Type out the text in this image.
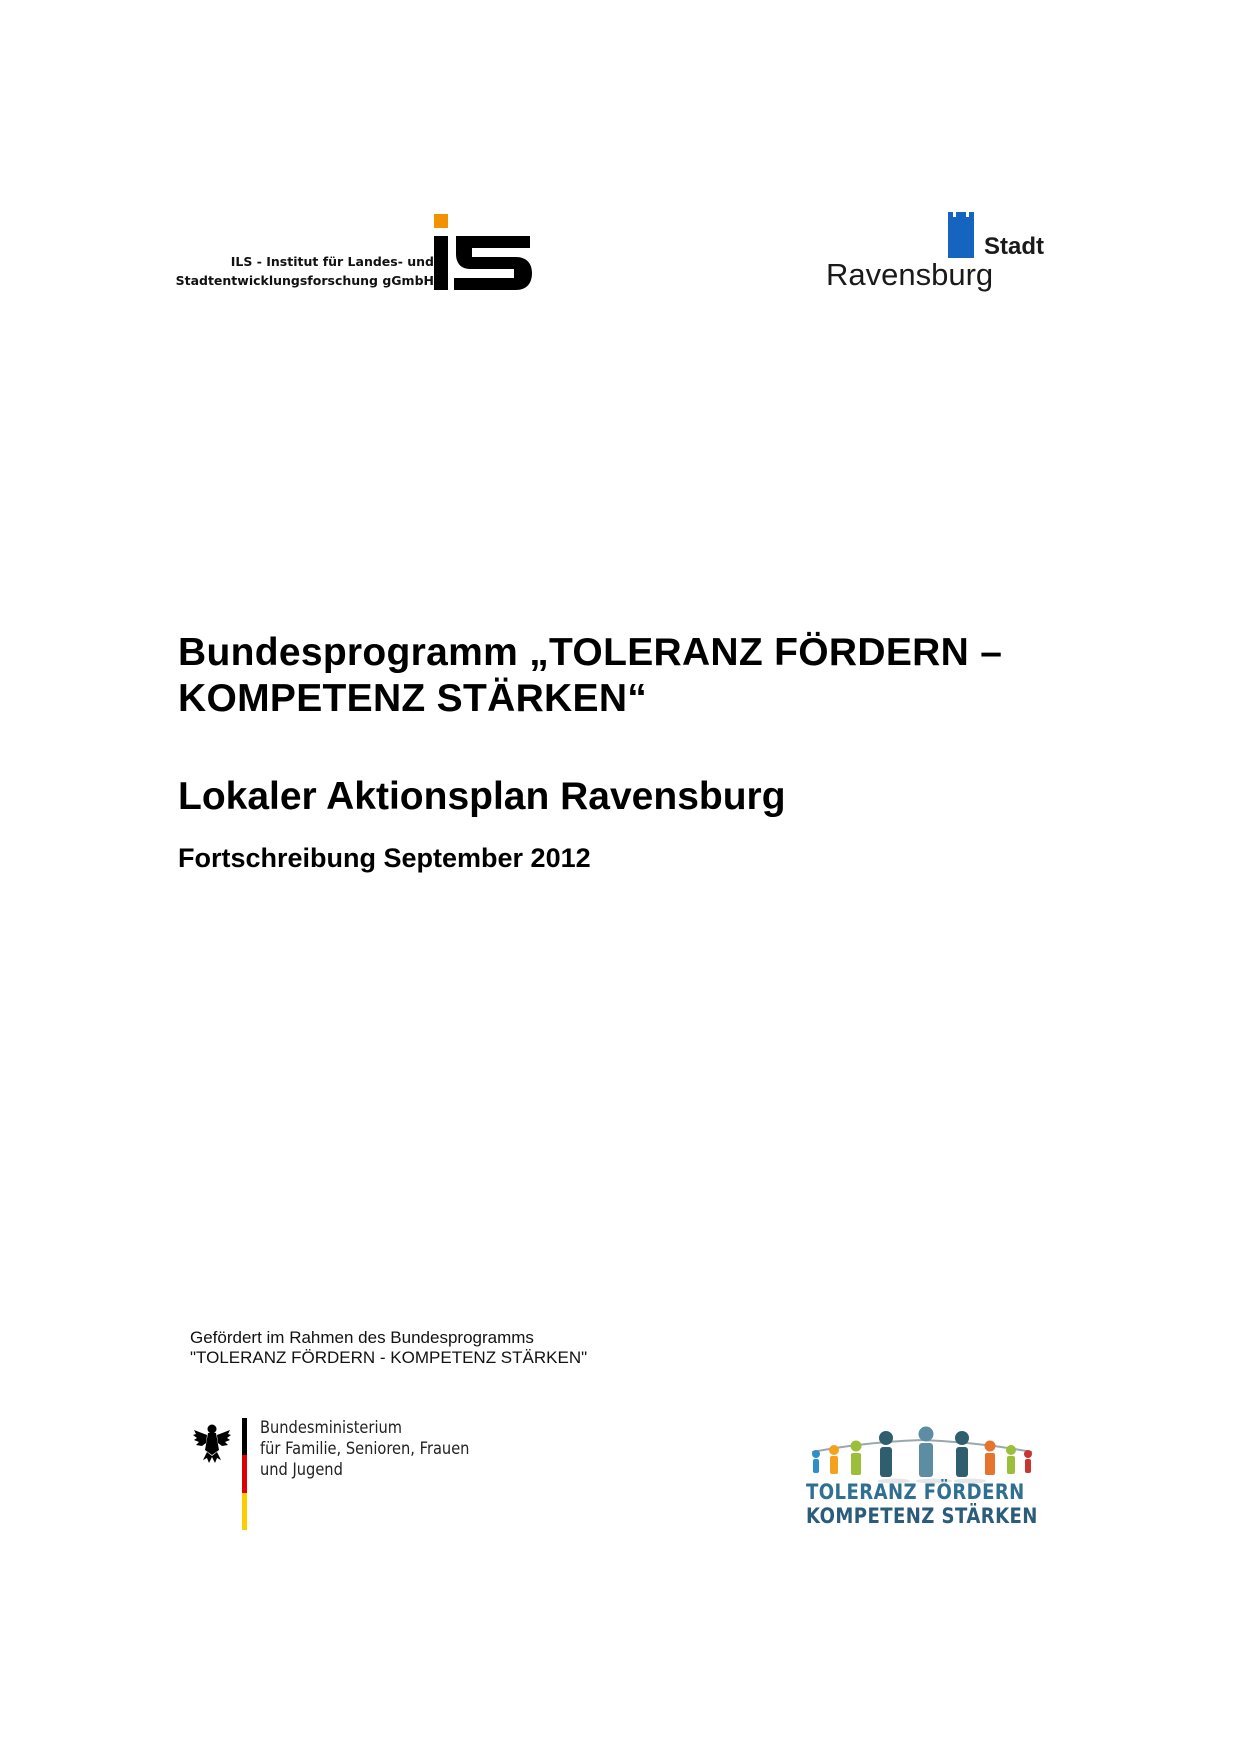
ILS - Institut für Landes- und
Stadtentwicklungsforschung gGmbH
Stadt
Ravensburg
Bundesprogramm „TOLERANZ FÖRDERN –
KOMPETENZ STÄRKEN“
Lokaler Aktionsplan Ravensburg

Fortschreibung September 2012

Gefördert im Rahmen des Bundesprogramms
"TOLERANZ FÖRDERN - KOMPETENZ STÄRKEN"
Bundesministerium
für Familie, Senioren, Frauen
und Jugend
TOLERANZ FÖRDERN
KOMPETENZ STÄRKEN
